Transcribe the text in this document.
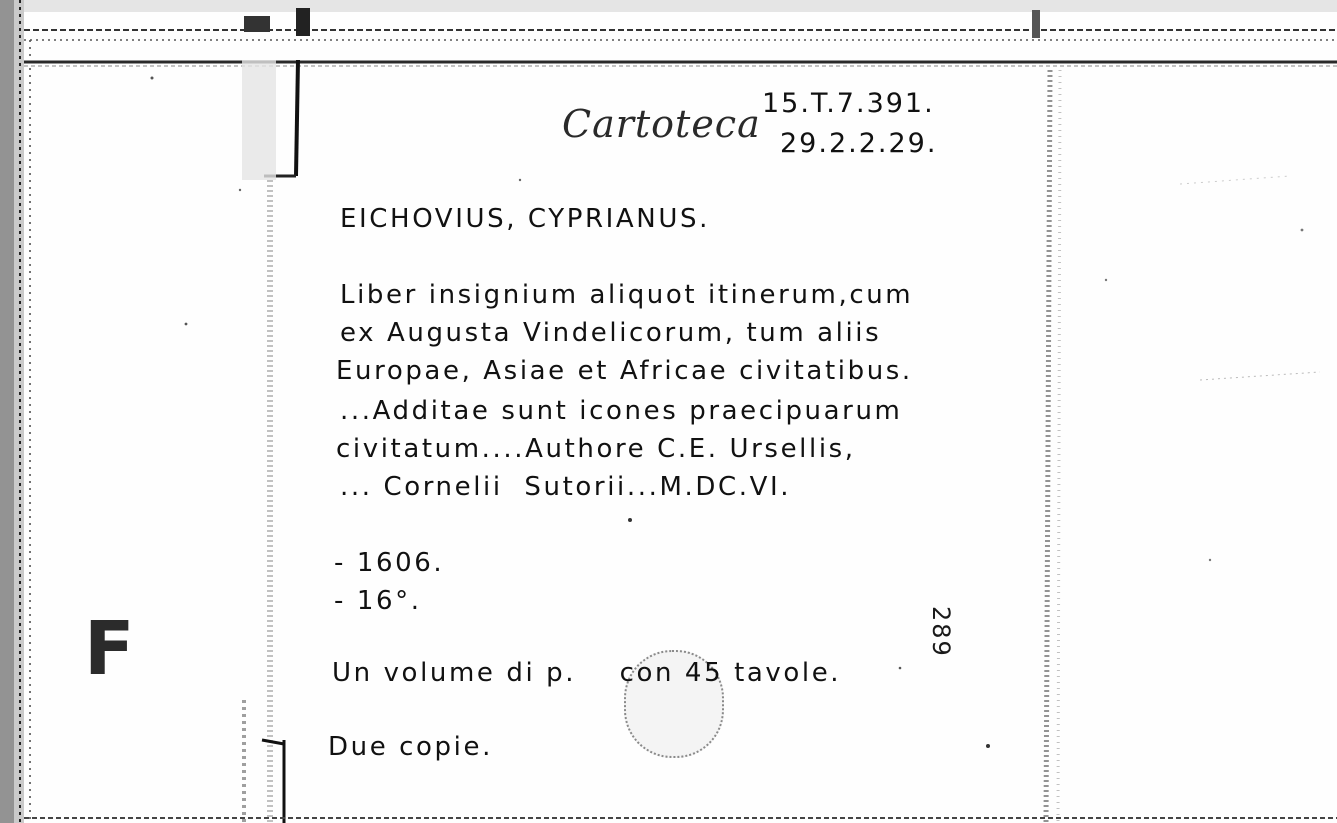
F
Cartoteca 15.T.7.391.
29.2.2.29.
EICHOVIUS, CYPRIANUS.
Liber insignium aliquot itinerum,cum
ex Augusta Vindelicorum, tum aliis
Europae, Asiae et Africae civitatibus.
...Additae sunt icones praecipuarum
civitatum....Authore C.E. Ursellis,
... Cornelii  Sutorii...M.DC.VI.
- 1606.
- 16°.
289
Un volume di p.    con 45 tavole.
Due copie.
